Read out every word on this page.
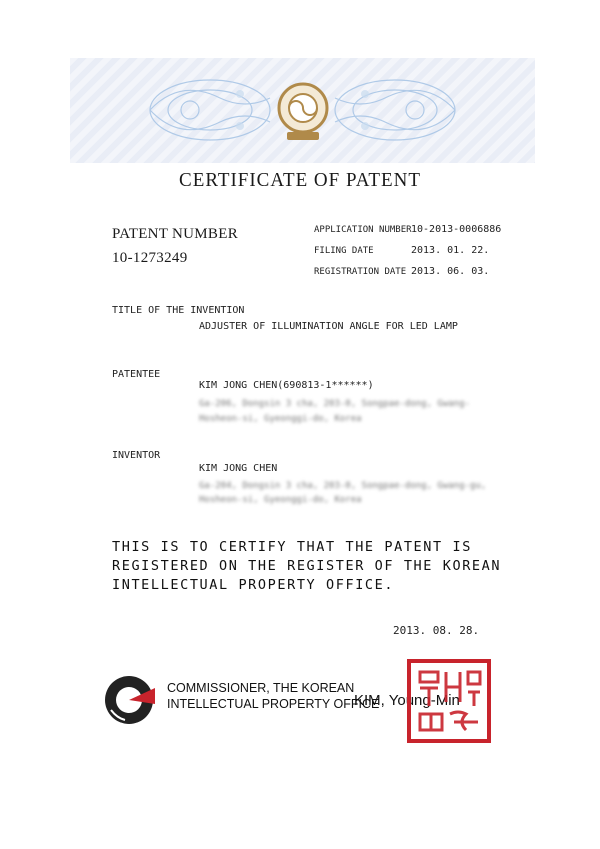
CERTIFICATE OF PATENT
PATENT NUMBER
10-1273249
APPLICATION NUMBER 10-2013-0006886
FILING DATE	2013. 01. 22.
REGISTRATION DATE 2013. 06. 03.
TITLE OF THE INVENTION
ADJUSTER OF ILLUMINATION ANGLE FOR LED LAMP
PATENTEE
KIM JONG CHEN(690813-1******)
Ga-206, Dongsin 3 cha, 203-0, Songpae-dong, Gwang-
Hosheon-si, Gyeonggi-do, Korea
INVENTOR
KIM JONG CHEN
Ga-204, Dongsin 3 cha, 203-0, Songpae-dong, Gwang-gu,
Hosheon-si, Gyeonggi-do, Korea
THIS IS TO CERTIFY THAT THE PATENT IS
REGISTERED ON THE REGISTER OF THE KOREAN
INTELLECTUAL PROPERTY OFFICE.
2013. 08. 28.
COMMISSIONER, THE KOREAN
INTELLECTUAL PROPERTY OFFICE
KIM, Young-Min
